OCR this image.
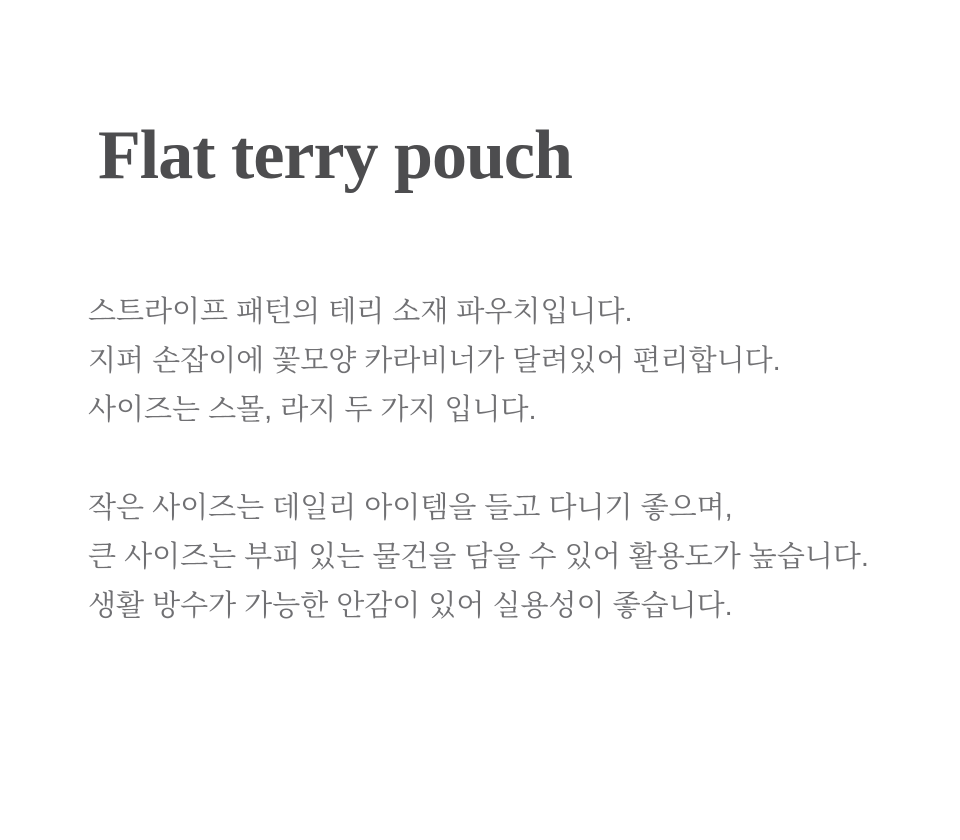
Flat terry pouch

스트라이프 패턴의 테리 소재 파우치입니다.
지퍼 손잡이에 꽃모양 카라비너가 달려있어 편리합니다.
사이즈는 스몰, 라지 두 가지 입니다.

작은 사이즈는 데일리 아이템을 들고 다니기 좋으며,
큰 사이즈는 부피 있는 물건을 담을 수 있어 활용도가 높습니다.
생활 방수가 가능한 안감이 있어 실용성이 좋습니다.
